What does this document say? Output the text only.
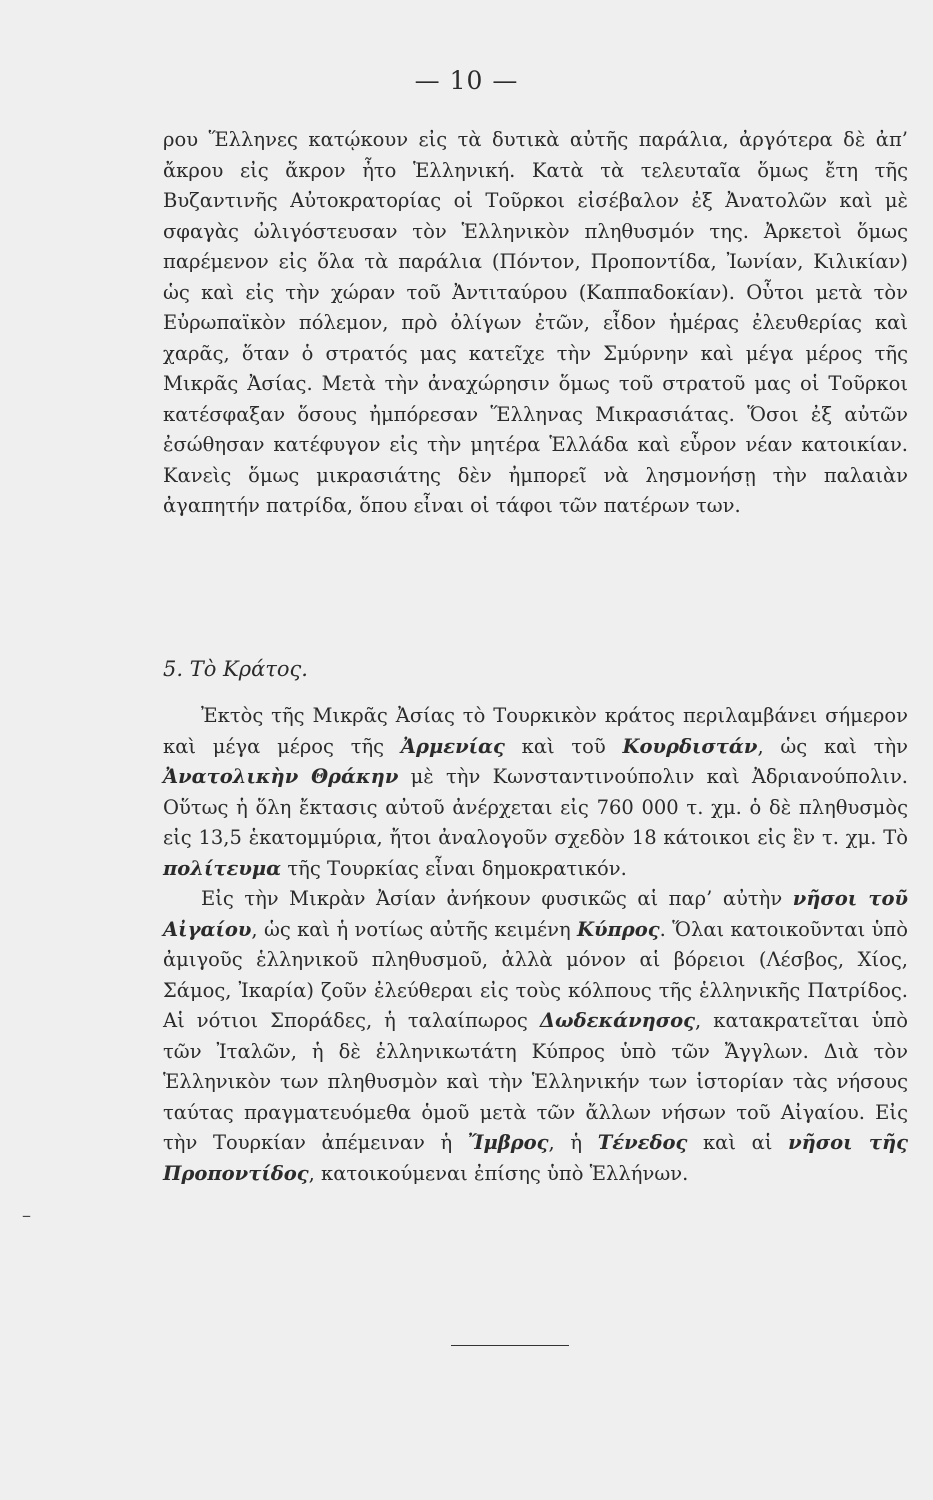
— 10 —

ρου Ἕλληνες κατῴκουν εἰς τὰ δυτικὰ αὐτῆς παράλια, ἀργότερα δὲ ἀπ’ ἄκρου εἰς ἄκρον ἦτο Ἑλληνική. Κατὰ τὰ τελευταῖα ὅμως ἔτη τῆς Βυζαντινῆς Αὐτοκρατορίας οἱ Τοῦρκοι εἰσέβαλον ἐξ Ἀνατολῶν καὶ μὲ σφαγὰς ὠλιγόστευσαν τὸν Ἑλληνικὸν πληθυσμόν της. Ἀρκετοὶ ὅμως παρέμενον εἰς ὅλα τὰ παράλια (Πόντον, Προποντίδα, Ἰωνίαν, Κιλικίαν) ὡς καὶ εἰς τὴν χώραν τοῦ Ἀντιταύρου (Καππαδοκίαν). Οὗτοι μετὰ τὸν Εὐρωπαϊκὸν πόλεμον, πρὸ ὀλίγων ἐτῶν, εἶδον ἡμέρας ἐλευθερίας καὶ χαρᾶς, ὅταν ὁ στρατός μας κατεῖχε τὴν Σμύρνην καὶ μέγα μέρος τῆς Μικρᾶς Ἀσίας. Μετὰ τὴν ἀναχώρησιν ὅμως τοῦ στρατοῦ μας οἱ Τοῦρκοι κατέσφαξαν ὅσους ἠμπόρεσαν Ἕλληνας Μικρασιάτας. Ὅσοι ἐξ αὐτῶν ἐσώθησαν κατέφυγον εἰς τὴν μητέρα Ἑλλάδα καὶ εὗρον νέαν κατοικίαν. Κανεὶς ὅμως μικρασιάτης δὲν ἠμπορεῖ νὰ λησμονήσῃ τὴν παλαιὰν ἀγαπητήν πατρίδα, ὅπου εἶναι οἱ τάφοι τῶν πατέρων των.

5. Τὸ Κράτος.

Ἐκτὸς τῆς Μικρᾶς Ἀσίας τὸ Τουρκικὸν κράτος περιλαμβάνει σήμερον καὶ μέγα μέρος τῆς Ἀρμενίας καὶ τοῦ Κουρδιστάν, ὡς καὶ τὴν Ἀνατολικὴν Θράκην μὲ τὴν Κωνσταντινούπολιν καὶ Ἀδριανούπολιν. Οὕτως ἡ ὅλη ἔκτασις αὐτοῦ ἀνέρχεται εἰς 760 000 τ. χμ. ὁ δὲ πληθυσμὸς εἰς 13,5 ἑκατομμύρια, ἤτοι ἀναλογοῦν σχεδὸν 18 κάτοικοι εἰς ἓν τ. χμ. Τὸ πολίτευμα τῆς Τουρκίας εἶναι δημοκρατικόν.

Εἰς τὴν Μικρὰν Ἀσίαν ἀνήκουν φυσικῶς αἱ παρ’ αὐτὴν νῆσοι τοῦ Αἰγαίου, ὡς καὶ ἡ νοτίως αὐτῆς κειμένη Κύπρος. Ὅλαι κατοικοῦνται ὑπὸ ἀμιγοῦς ἑλληνικοῦ πληθυσμοῦ, ἀλλὰ μόνον αἱ βόρειοι (Λέσβος, Χίος, Σάμος, Ἰκαρία) ζοῦν ἐλεύθεραι εἰς τοὺς κόλπους τῆς ἑλληνικῆς Πατρίδος. Αἱ νότιοι Σποράδες, ἡ ταλαίπωρος Δωδεκάνησος, κατακρατεῖται ὑπὸ τῶν Ἰταλῶν, ἡ δὲ ἑλληνικωτάτη Κύπρος ὑπὸ τῶν Ἄγγλων. Διὰ τὸν Ἑλληνικὸν των πληθυσμὸν καὶ τὴν Ἑλληνικήν των ἱστορίαν τὰς νήσους ταύτας πραγματευόμεθα ὁμοῦ μετὰ τῶν ἄλλων νήσων τοῦ Αἰγαίου. Εἰς τὴν Τουρκίαν ἀπέμειναν ἡ Ἴμβρος, ἡ Τένεδος καὶ αἱ νῆσοι τῆς Προποντίδος, κατοικούμεναι ἐπίσης ὑπὸ Ἑλλήνων.

–
